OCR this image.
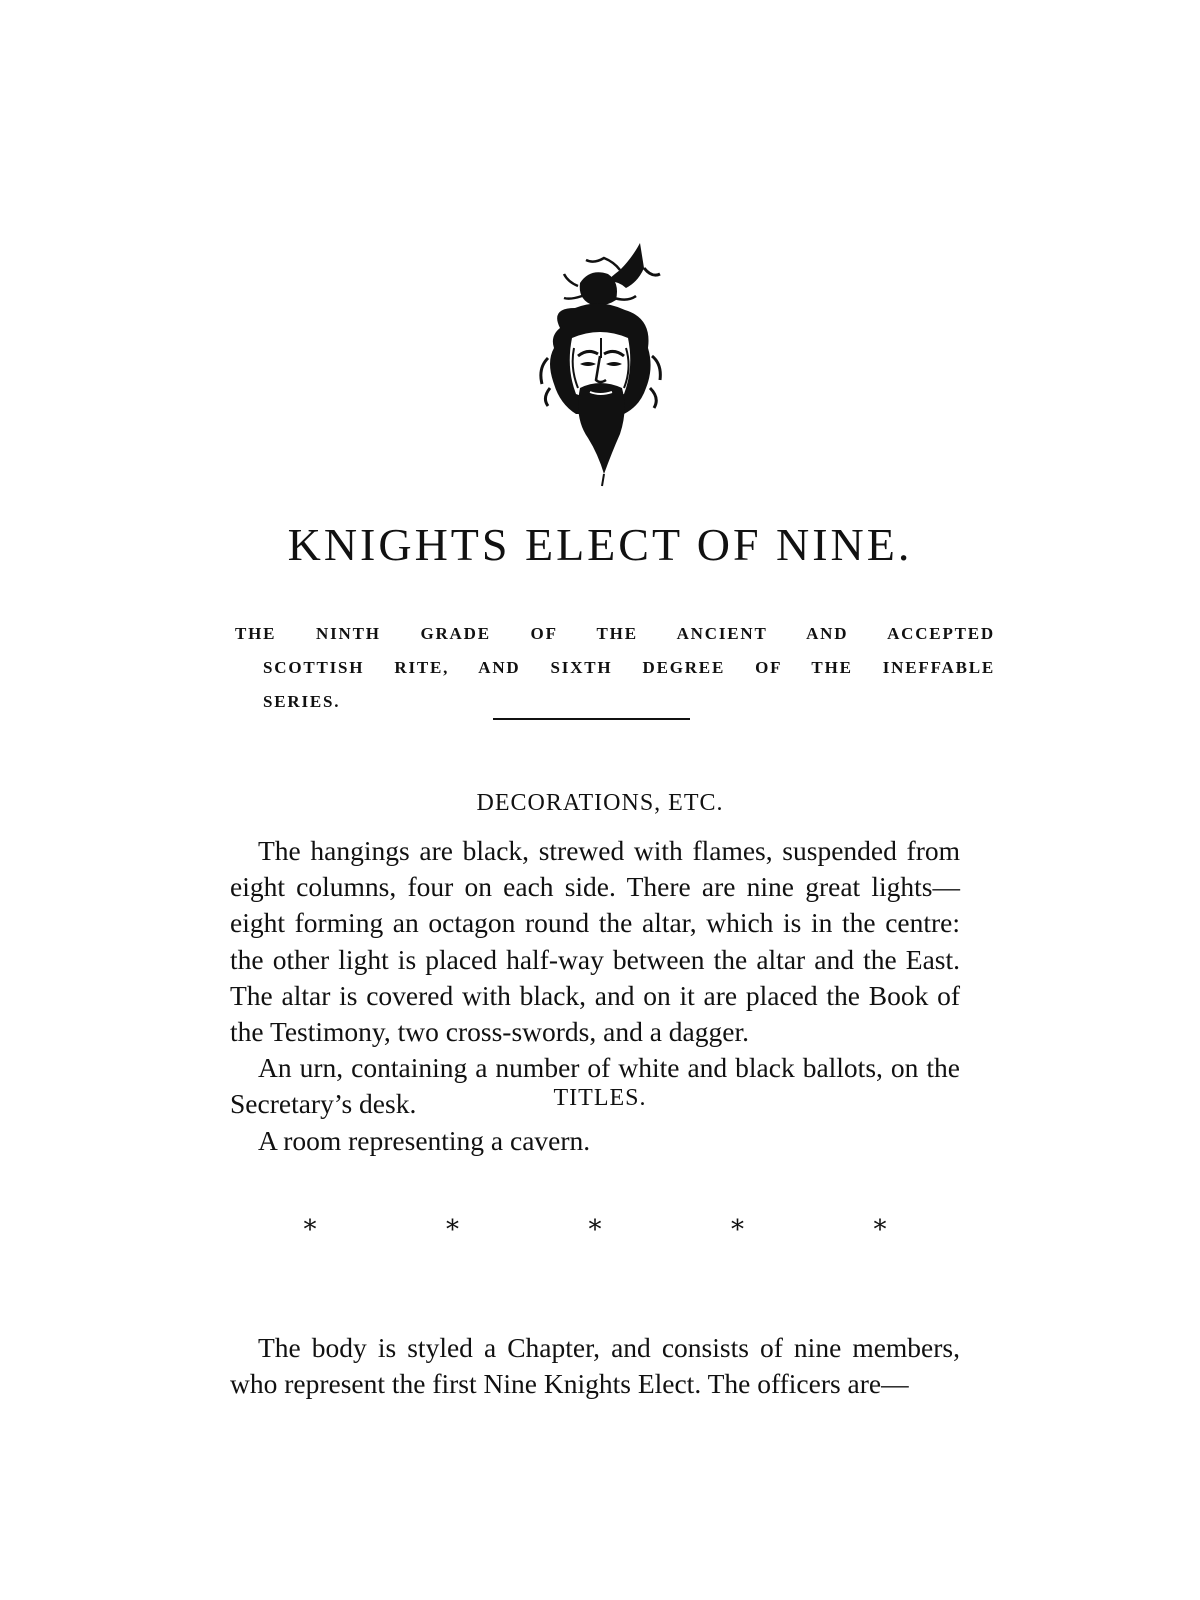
KNIGHTS ELECT OF NINE.
THE NINTH GRADE OF THE ANCIENT AND ACCEPTED
SCOTTISH RITE, AND SIXTH DEGREE OF THE INEFFABLE
SERIES.
DECORATIONS, ETC.

The hangings are black, strewed with flames, suspended from eight columns, four on each side. There are nine great lights—eight forming an octagon round the altar, which is in the centre: the other light is placed half-way between the altar and the East. The altar is covered with black, and on it are placed the Book of the Testimony, two cross-swords, and a dagger.

An urn, containing a number of white and black ballots, on the Secretary’s desk.

A room representing a cavern.

*	*	*	*	*
TITLES.

The body is styled a Chapter, and consists of nine members, who represent the first Nine Knights Elect. The officers are—
